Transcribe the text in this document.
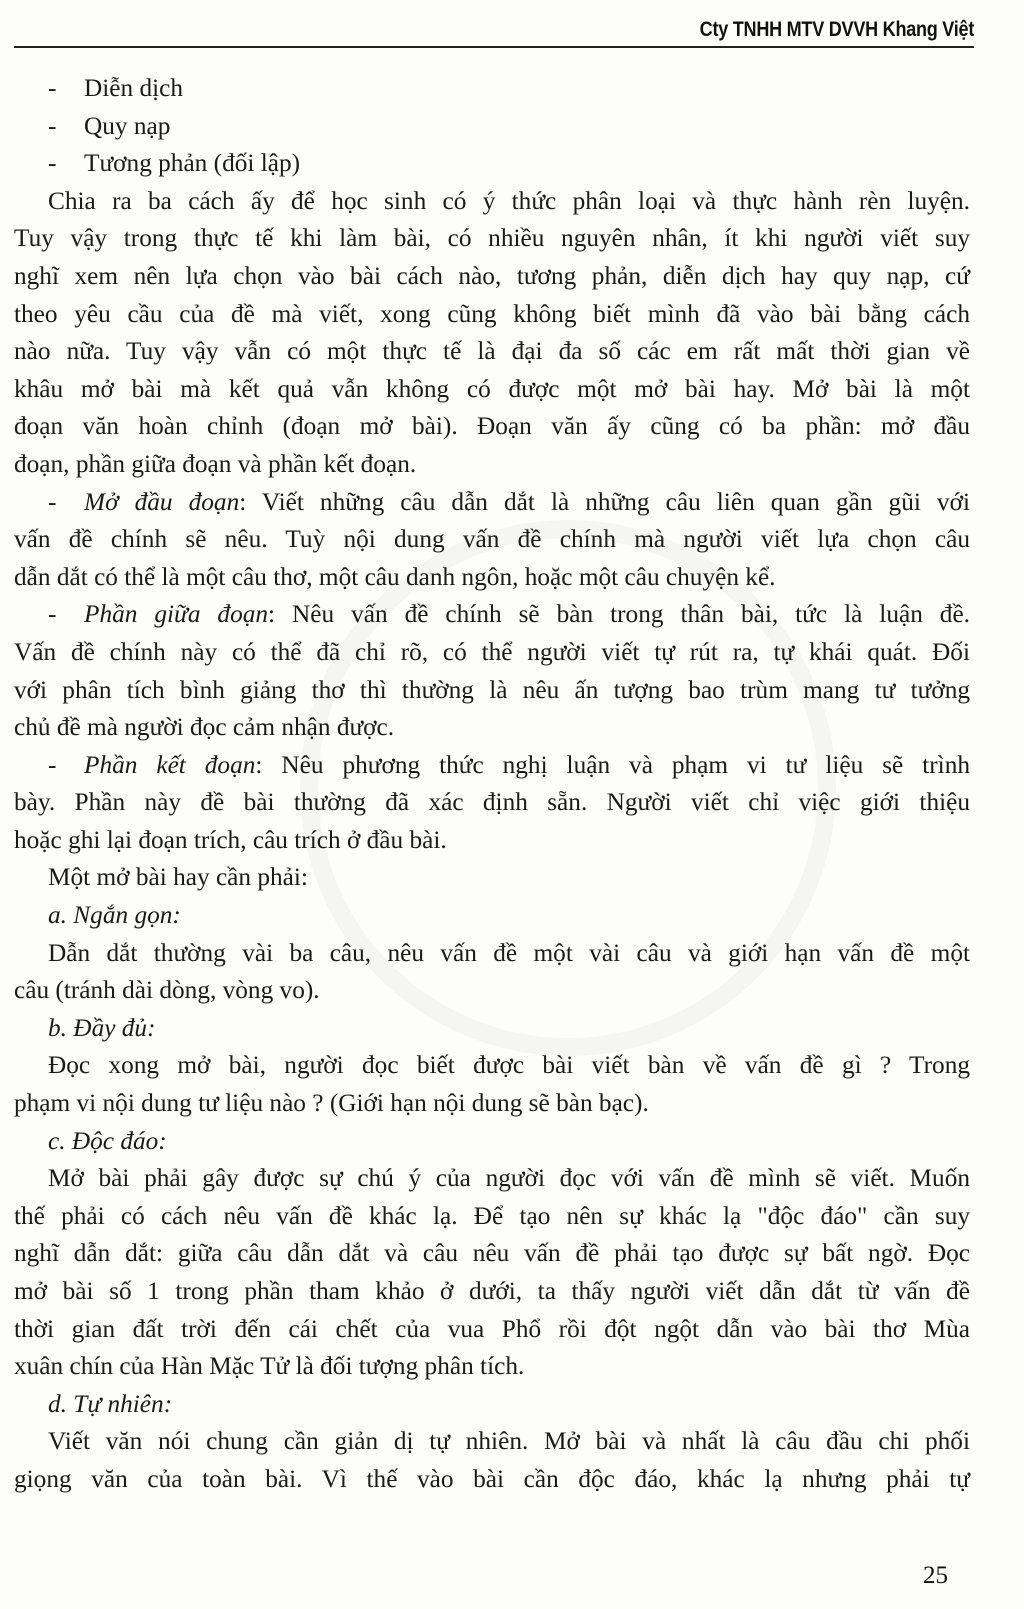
Cty TNHH MTV DVVH Khang Việt

- Diễn dịch

- Quy nạp

- Tương phản (đối lập)

Chia ra ba cách ấy để học sinh có ý thức phân loại và thực hành rèn luyện.

Tuy vậy trong thực tế khi làm bài, có nhiều nguyên nhân, ít khi người viết suy

nghĩ xem nên lựa chọn vào bài cách nào, tương phản, diễn dịch hay quy nạp, cứ

theo yêu cầu của đề mà viết, xong cũng không biết mình đã vào bài bằng cách

nào nữa. Tuy vậy vẫn có một thực tế là đại đa số các em rất mất thời gian về

khâu mở bài mà kết quả vẫn không có được một mở bài hay. Mở bài là một

đoạn văn hoàn chỉnh (đoạn mở bài). Đoạn văn ấy cũng có ba phần: mở đầu

đoạn, phần giữa đoạn và phần kết đoạn.

- Mở đầu đoạn: Viết những câu dẫn dắt là những câu liên quan gần gũi với

vấn đề chính sẽ nêu. Tuỳ nội dung vấn đề chính mà người viết lựa chọn câu

dẫn dắt có thể là một câu thơ, một câu danh ngôn, hoặc một câu chuyện kể.

- Phần giữa đoạn: Nêu vấn đề chính sẽ bàn trong thân bài, tức là luận đề.

Vấn đề chính này có thể đã chỉ rõ, có thể người viết tự rút ra, tự khái quát. Đối

với phân tích bình giảng thơ thì thường là nêu ấn tượng bao trùm mang tư tưởng

chủ đề mà người đọc cảm nhận được.

- Phần kết đoạn: Nêu phương thức nghị luận và phạm vi tư liệu sẽ trình

bày. Phần này đề bài thường đã xác định sẵn. Người viết chỉ việc giới thiệu

hoặc ghi lại đoạn trích, câu trích ở đầu bài.

Một mở bài hay cần phải:

a. Ngắn gọn:

Dẫn dắt thường vài ba câu, nêu vấn đề một vài câu và giới hạn vấn đề một

câu (tránh dài dòng, vòng vo).

b. Đầy đủ:

Đọc xong mở bài, người đọc biết được bài viết bàn về vấn đề gì ? Trong

phạm vi nội dung tư liệu nào ? (Giới hạn nội dung sẽ bàn bạc).

c. Độc đáo:

Mở bài phải gây được sự chú ý của người đọc với vấn đề mình sẽ viết. Muốn

thế phải có cách nêu vấn đề khác lạ. Để tạo nên sự khác lạ "độc đáo" cần suy

nghĩ dẫn dắt: giữa câu dẫn dắt và câu nêu vấn đề phải tạo được sự bất ngờ. Đọc

mở bài số 1 trong phần tham khảo ở dưới, ta thấy người viết dẫn dắt từ vấn đề

thời gian đất trời đến cái chết của vua Phổ rồi đột ngột dẫn vào bài thơ Mùa

xuân chín của Hàn Mặc Tử là đối tượng phân tích.

d. Tự nhiên:

Viết văn nói chung cần giản dị tự nhiên. Mở bài và nhất là câu đầu chi phối

giọng văn của toàn bài. Vì thế vào bài cần độc đáo, khác lạ nhưng phải tự

25
